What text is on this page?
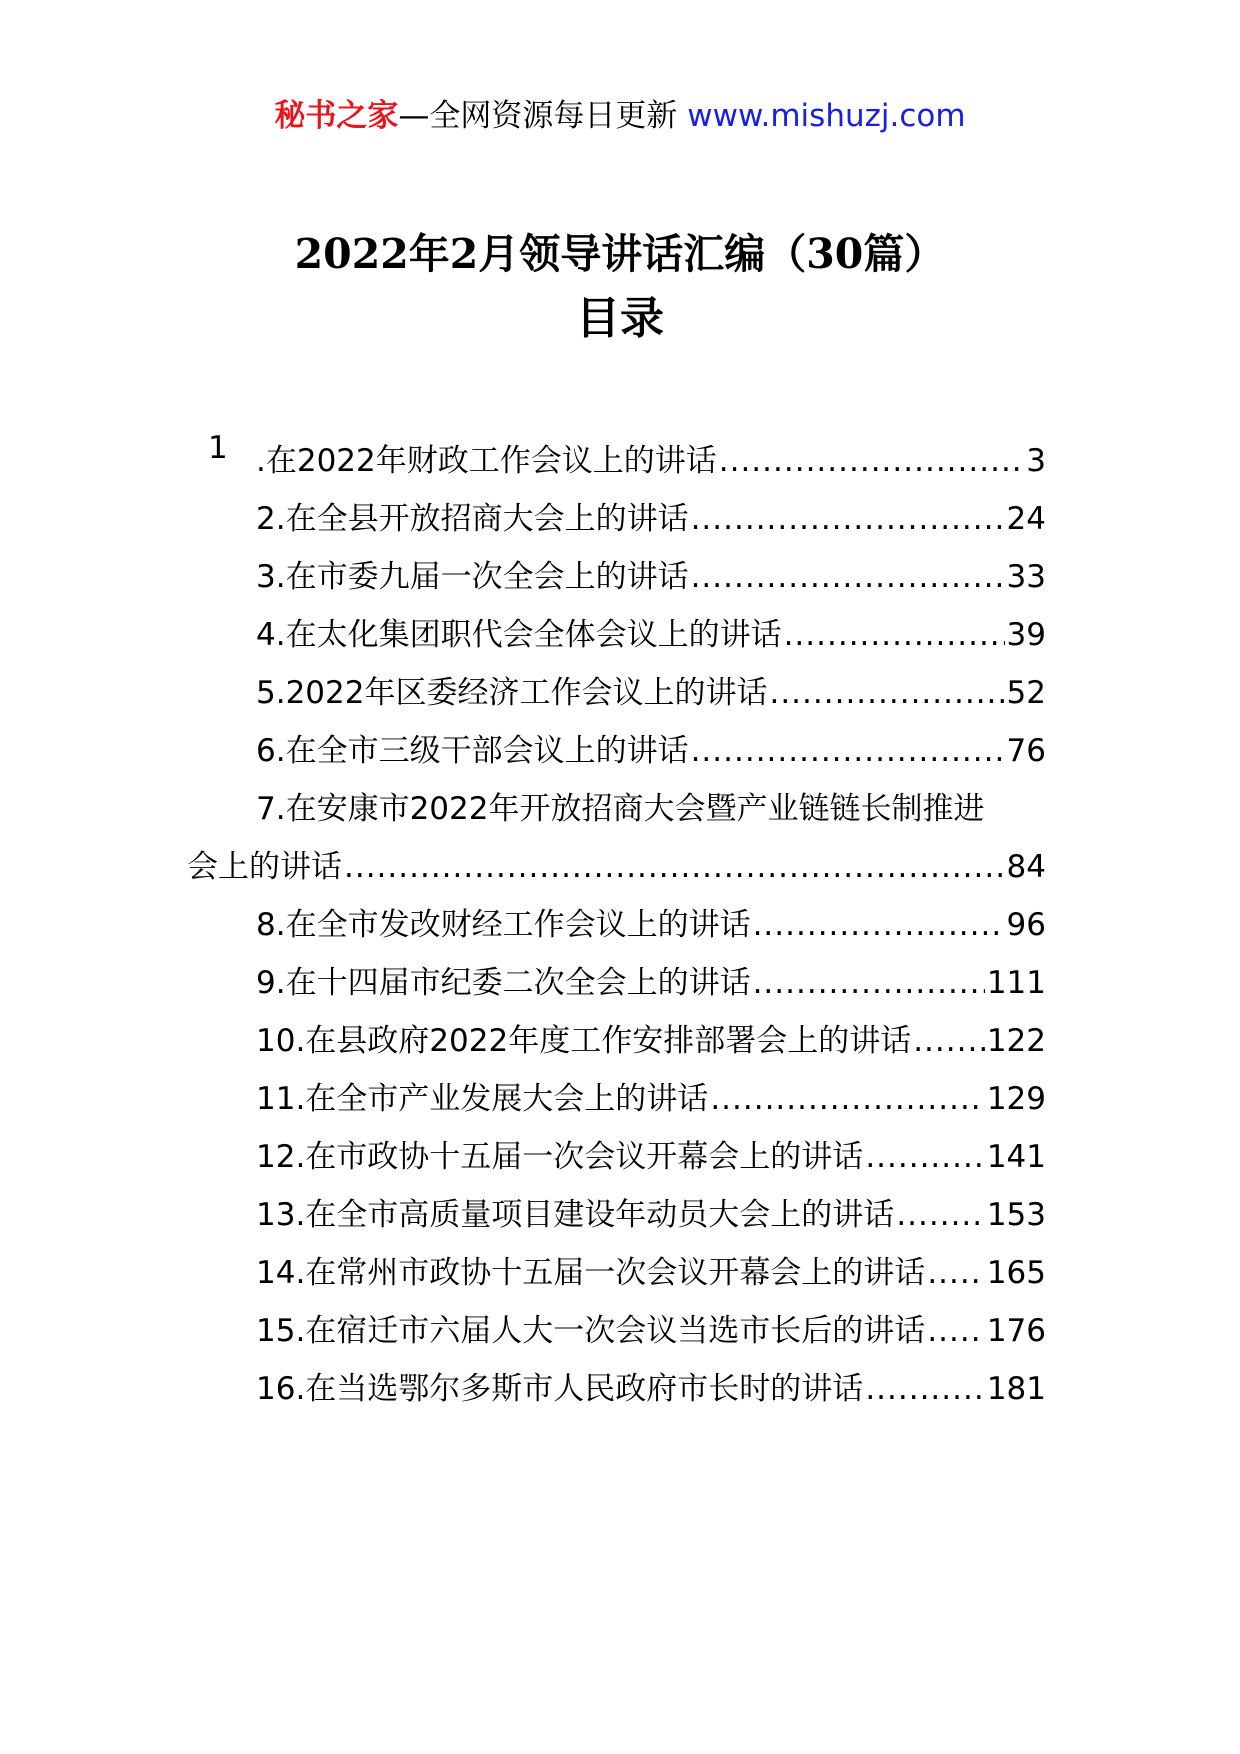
秘书之家—全网资源每日更新 www.mishuzj.com
2022年2月领导讲话汇编（30篇）
目录
1 .在2022年财政工作会议上的讲话 .....	3
2.在全县开放招商大会上的讲话 .....	24
3.在市委九届一次全会上的讲话 .....	33
4.在太化集团职代会全体会议上的讲话 .....	39
5.2022年区委经济工作会议上的讲话 .....	52
6.在全市三级干部会议上的讲话 .....	76
7.在安康市2022年开放招商大会暨产业链链长制推进
会上的讲话 .....	84
8.在全市发改财经工作会议上的讲话 .....	96
9.在十四届市纪委二次全会上的讲话 .....	111
10.在县政府2022年度工作安排部署会上的讲话 ..... 122
11.在全市产业发展大会上的讲话 .....	129
12.在市政协十五届一次会议开幕会上的讲话 .....	141
13.在全市高质量项目建设年动员大会上的讲话 .....	153
14.在常州市政协十五届一次会议开幕会上的讲话 ..... 165
15.在宿迁市六届人大一次会议当选市长后的讲话 ..... 176
16.在当选鄂尔多斯市人民政府市长时的讲话 .....	181
